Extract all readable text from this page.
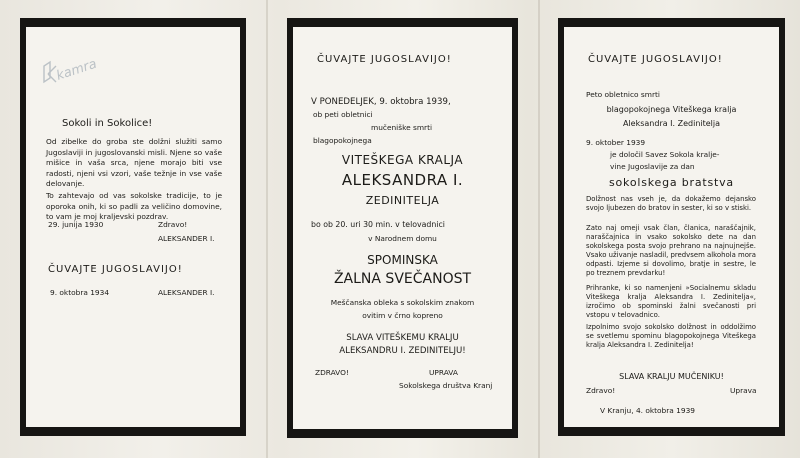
Sokoli in Sokolice!
Od zibelke do groba ste dolžni služiti samo Jugoslaviji in jugoslovanski misli. Njene so vaše mišice in vaša srca, njene morajo biti vse radosti, njeni vsi vzori, vaše težnje in vse vaše delovanje.
To zahtevajo od vas sokolske tradicije, to je oporoka onih, ki so padli za veličino domovine, to vam je moj kraljevski pozdrav.
29. junija 1930	Zdravo!
ALEKSANDER I.
ČUVAJTE JUGOSLAVIJO!
9. oktobra 1934	ALEKSANDER I.
kamra	ČUVAJTE JUGOSLAVIJO!
V PONEDELJEK, 9. oktobra 1939,
ob peti obletnici
mučeniške smrti
blagopokojnega
VITEŠKEGA KRALJA
ALEKSANDRA I.
ZEDINITELJA
bo ob 20. uri 30 min. v telovadnici
v Narodnem domu
SPOMINSKA
ŽALNA SVEČANOST
Meščanska obleka s sokolskim znakom
ovitim v črno kopreno
SLAVA VITEŠKEMU KRALJU
ALEKSANDRU I. ZEDINITELJU!
ZDRAVO!	UPRAVA
Sokolskega društva Kranj
ČUVAJTE JUGOSLAVIJO!
Peto obletnico smrti
blagopokojnega Viteškega kralja
Aleksandra I. Zedinitelja
9. oktober 1939
je določil Savez Sokola kralje-
vine Jugoslavije za dan
sokolskega bratstva
Dolžnost nas vseh je, da dokažemo dejansko svojo ljubezen do bratov in sester, ki so v stiski.
Zato naj omeji vsak član, članica, naraščajnik, naraščajnica in vsako sokolsko dete na dan sokolskega posta svojo prehrano na najnujnejše. Vsako uživanje nasladil, predvsem alkohola mora odpasti. Izjeme si dovolimo, bratje in sestre, le po treznem prevdarku!
Prihranke, ki so namenjeni »Socialnemu skladu Viteškega kralja Aleksandra I. Zedinitelja«, izročimo ob spominski žalni svečanosti pri vstopu v telovadnico.
Izpolnimo svojo sokolsko dolžnost in oddolžimo se svetlemu spominu blagopokojnega Viteškega kralja Aleksandra I. Zedinitelja!
SLAVA KRALJU MUČENIKU!
Zdravo!	Uprava
V Kranju, 4. oktobra 1939
